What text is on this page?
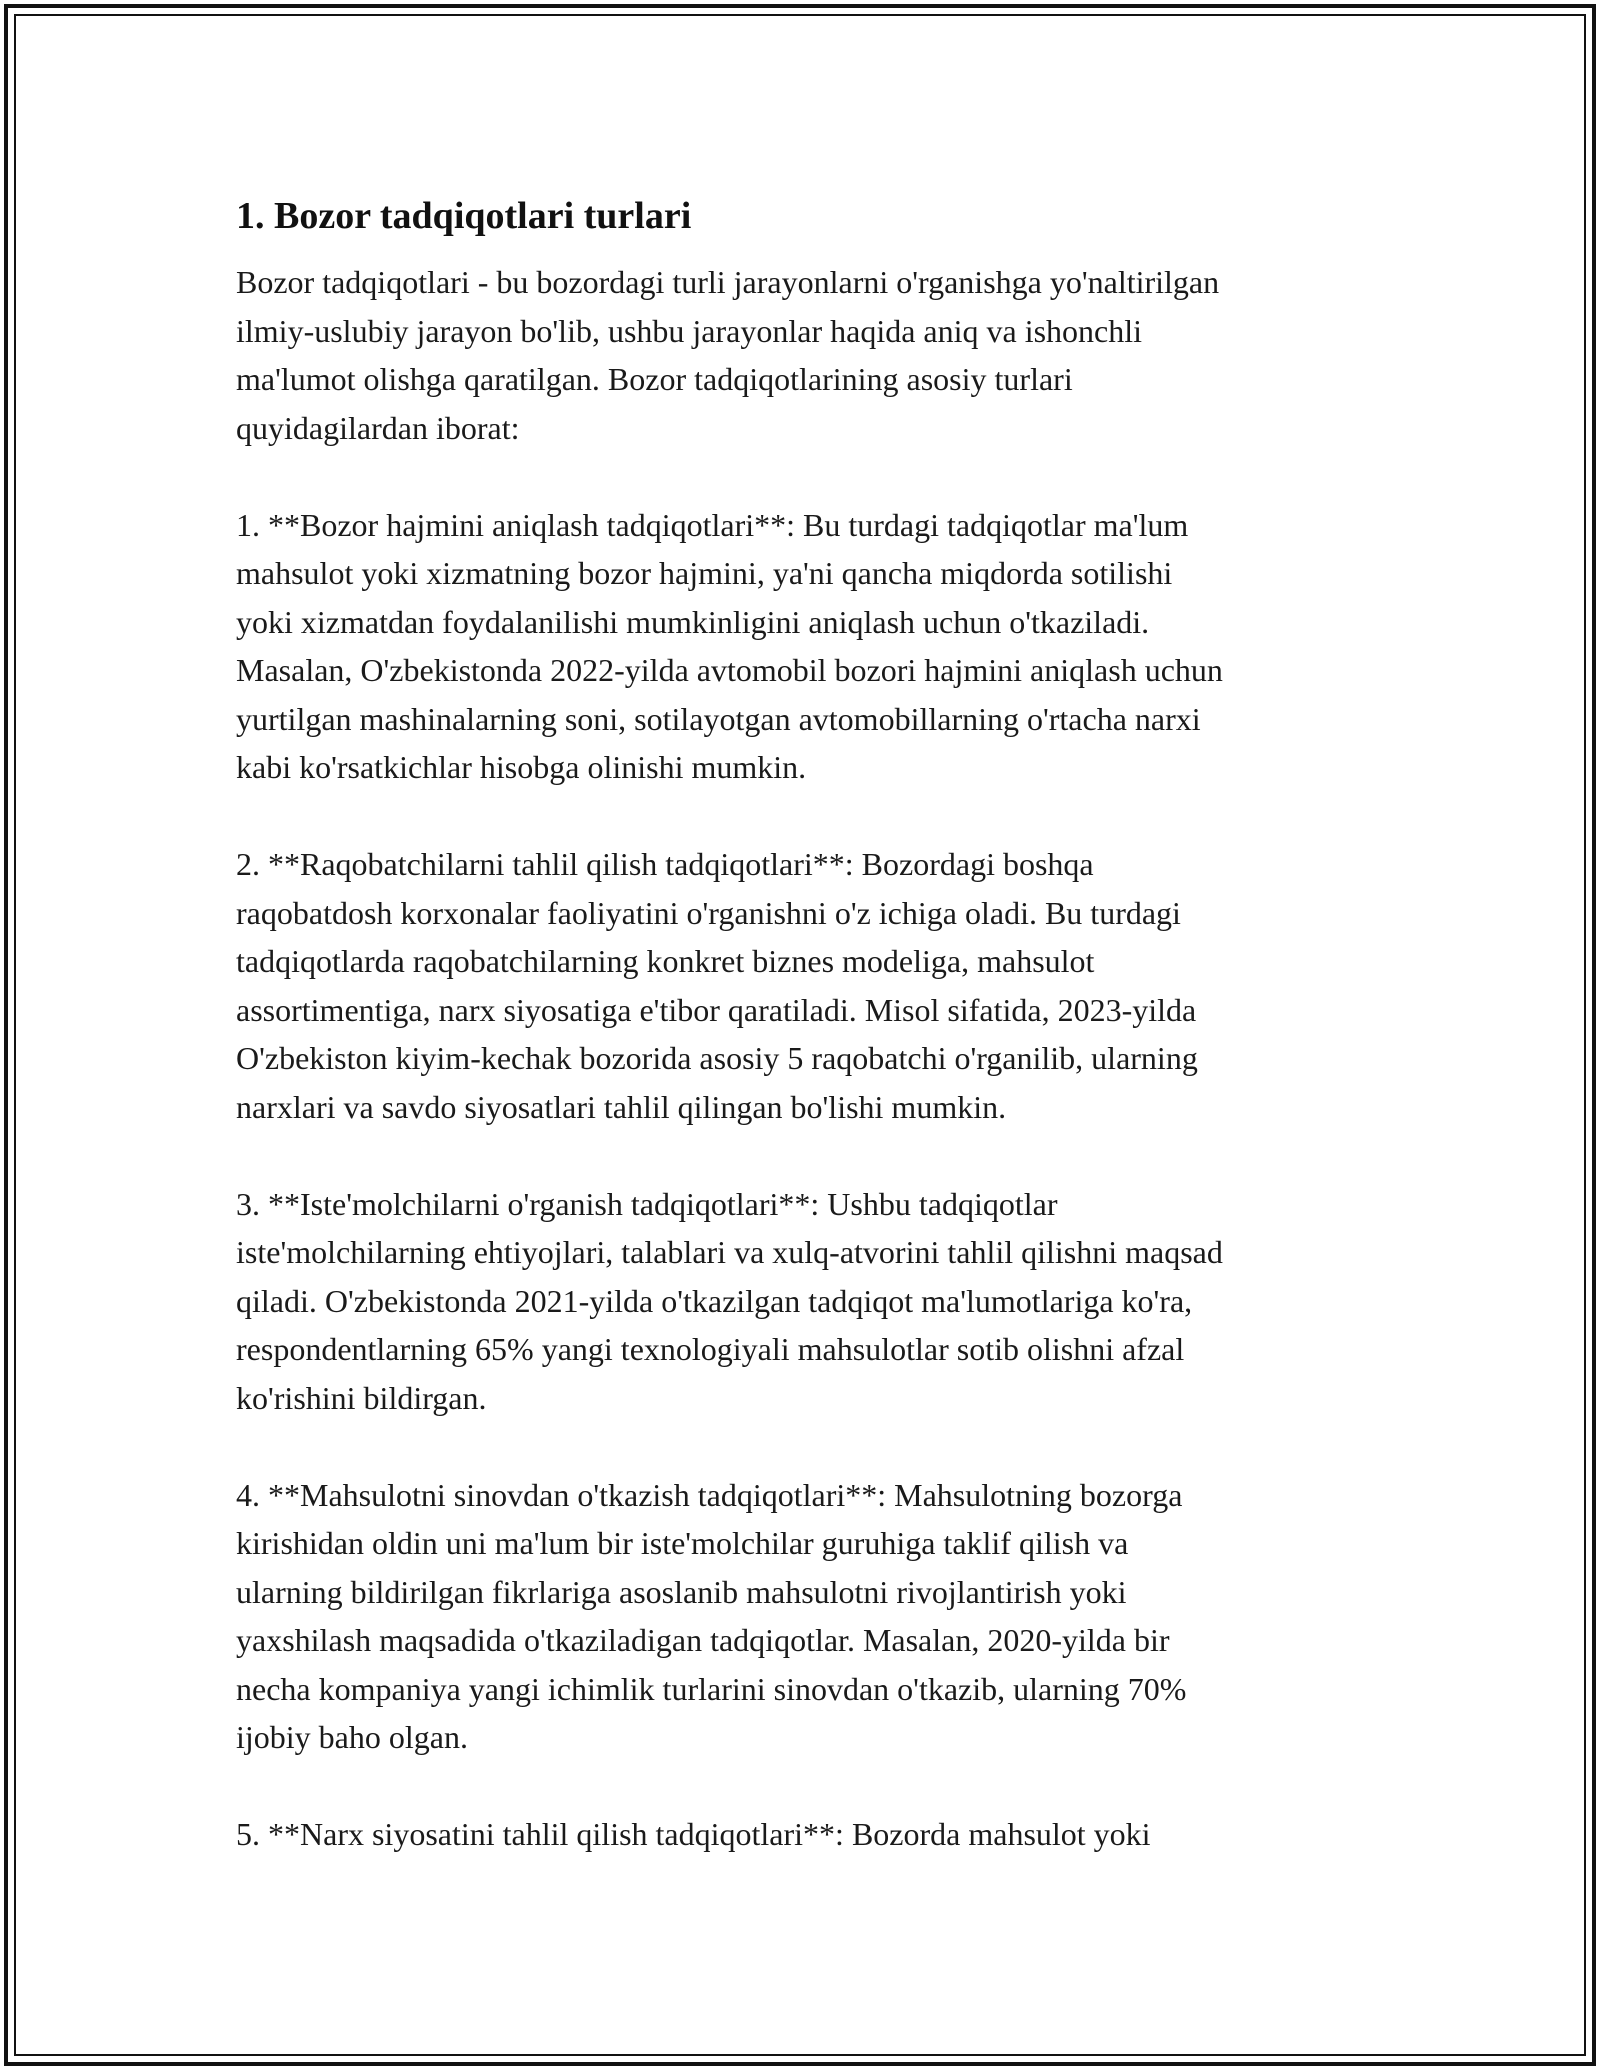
1. Bozor tadqiqotlari turlari

Bozor tadqiqotlari - bu bozordagi turli jarayonlarni o'rganishga yo'naltirilgan
ilmiy-uslubiy jarayon bo'lib, ushbu jarayonlar haqida aniq va ishonchli
ma'lumot olishga qaratilgan. Bozor tadqiqotlarining asosiy turlari
quyidagilardan iborat:

1. **Bozor hajmini aniqlash tadqiqotlari**: Bu turdagi tadqiqotlar ma'lum
mahsulot yoki xizmatning bozor hajmini, ya'ni qancha miqdorda sotilishi
yoki xizmatdan foydalanilishi mumkinligini aniqlash uchun o'tkaziladi.
Masalan, O'zbekistonda 2022-yilda avtomobil bozori hajmini aniqlash uchun
yurtilgan mashinalarning soni, sotilayotgan avtomobillarning o'rtacha narxi
kabi ko'rsatkichlar hisobga olinishi mumkin.

2. **Raqobatchilarni tahlil qilish tadqiqotlari**: Bozordagi boshqa
raqobatdosh korxonalar faoliyatini o'rganishni o'z ichiga oladi. Bu turdagi
tadqiqotlarda raqobatchilarning konkret biznes modeliga, mahsulot
assortimentiga, narx siyosatiga e'tibor qaratiladi. Misol sifatida, 2023-yilda
O'zbekiston kiyim-kechak bozorida asosiy 5 raqobatchi o'rganilib, ularning
narxlari va savdo siyosatlari tahlil qilingan bo'lishi mumkin.

3. **Iste'molchilarni o'rganish tadqiqotlari**: Ushbu tadqiqotlar
iste'molchilarning ehtiyojlari, talablari va xulq-atvorini tahlil qilishni maqsad
qiladi. O'zbekistonda 2021-yilda o'tkazilgan tadqiqot ma'lumotlariga ko'ra,
respondentlarning 65% yangi texnologiyali mahsulotlar sotib olishni afzal
ko'rishini bildirgan.

4. **Mahsulotni sinovdan o'tkazish tadqiqotlari**: Mahsulotning bozorga
kirishidan oldin uni ma'lum bir iste'molchilar guruhiga taklif qilish va
ularning bildirilgan fikrlariga asoslanib mahsulotni rivojlantirish yoki
yaxshilash maqsadida o'tkaziladigan tadqiqotlar. Masalan, 2020-yilda bir
necha kompaniya yangi ichimlik turlarini sinovdan o'tkazib, ularning 70%
ijobiy baho olgan.

5. **Narx siyosatini tahlil qilish tadqiqotlari**: Bozorda mahsulot yoki
